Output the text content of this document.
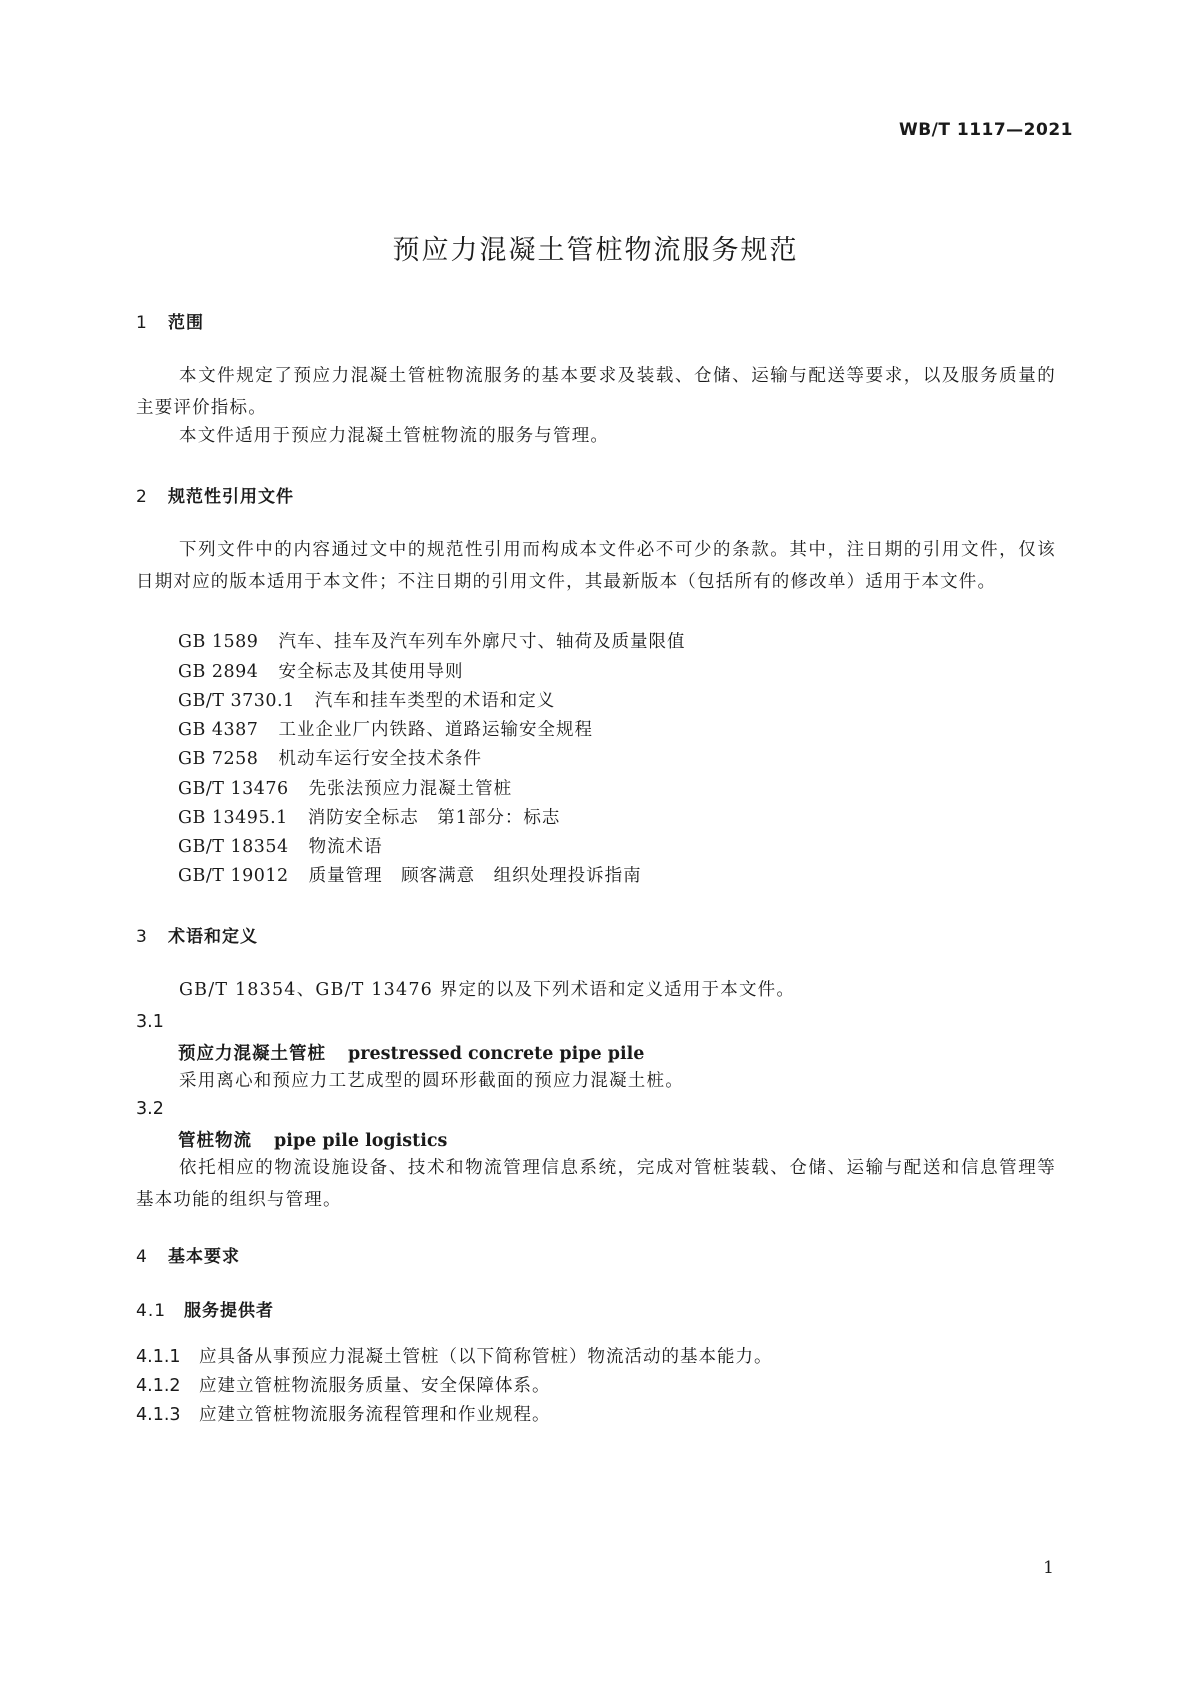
WB/T 1117—2021
预应力混凝土管桩物流服务规范
1 范围
本文件规定了预应力混凝土管桩物流服务的基本要求及装载、仓储、运输与配送等要求，以及服务质量的主要评价指标。
本文件适用于预应力混凝土管桩物流的服务与管理。
2 规范性引用文件
下列文件中的内容通过文中的规范性引用而构成本文件必不可少的条款。其中，注日期的引用文件，仅该日期对应的版本适用于本文件；不注日期的引用文件，其最新版本（包括所有的修改单）适用于本文件。
GB 1589 汽车、挂车及汽车列车外廓尺寸、轴荷及质量限值
GB 2894 安全标志及其使用导则
GB/T 3730.1 汽车和挂车类型的术语和定义
GB 4387 工业企业厂内铁路、道路运输安全规程
GB 7258 机动车运行安全技术条件
GB/T 13476 先张法预应力混凝土管桩
GB 13495.1 消防安全标志　第1部分：标志
GB/T 18354 物流术语
GB/T 19012 质量管理　顾客满意　组织处理投诉指南
3 术语和定义
GB/T 18354、GB/T 13476 界定的以及下列术语和定义适用于本文件。
3.1
预应力混凝土管桩 prestressed concrete pipe pile
采用离心和预应力工艺成型的圆环形截面的预应力混凝土桩。
3.2
管桩物流 pipe pile logistics
依托相应的物流设施设备、技术和物流管理信息系统，完成对管桩装载、仓储、运输与配送和信息管理等基本功能的组织与管理。
4 基本要求
4.1 服务提供者
4.1.1 应具备从事预应力混凝土管桩（以下简称管桩）物流活动的基本能力。
4.1.2 应建立管桩物流服务质量、安全保障体系。
4.1.3 应建立管桩物流服务流程管理和作业规程。
1
